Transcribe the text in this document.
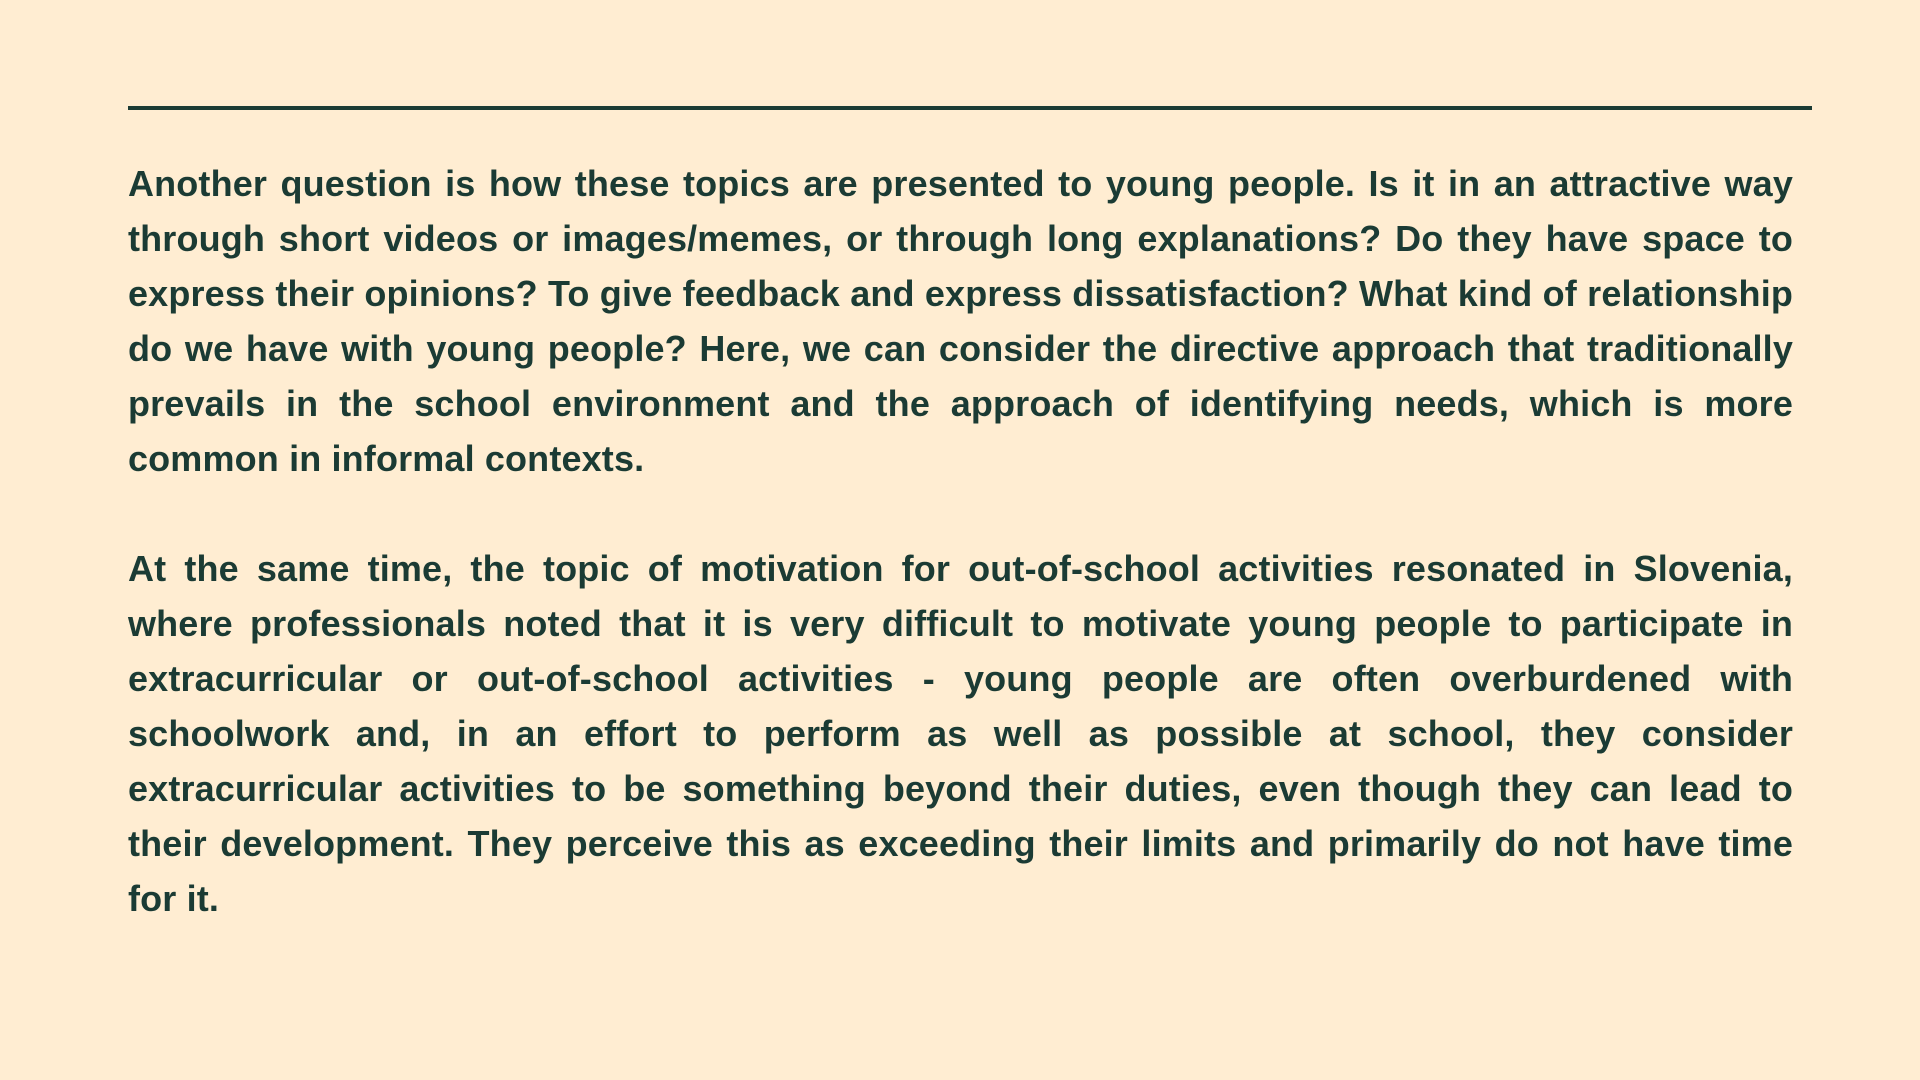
Another question is how these topics are presented to young people. Is it in an attractive way through short videos or images/memes, or through long explanations? Do they have space to express their opinions? To give feedback and express dissatisfaction? What kind of relationship do we have with young people? Here, we can consider the directive approach that traditionally prevails in the school environment and the approach of identifying needs, which is more common in informal contexts.

At the same time, the topic of motivation for out-of-school activities resonated in Slovenia, where professionals noted that it is very difficult to motivate young people to participate in extracurricular or out-of-school activities - young people are often overburdened with schoolwork and, in an effort to perform as well as possible at school, they consider extracurricular activities to be something beyond their duties, even though they can lead to their development. They perceive this as exceeding their limits and primarily do not have time for it.
